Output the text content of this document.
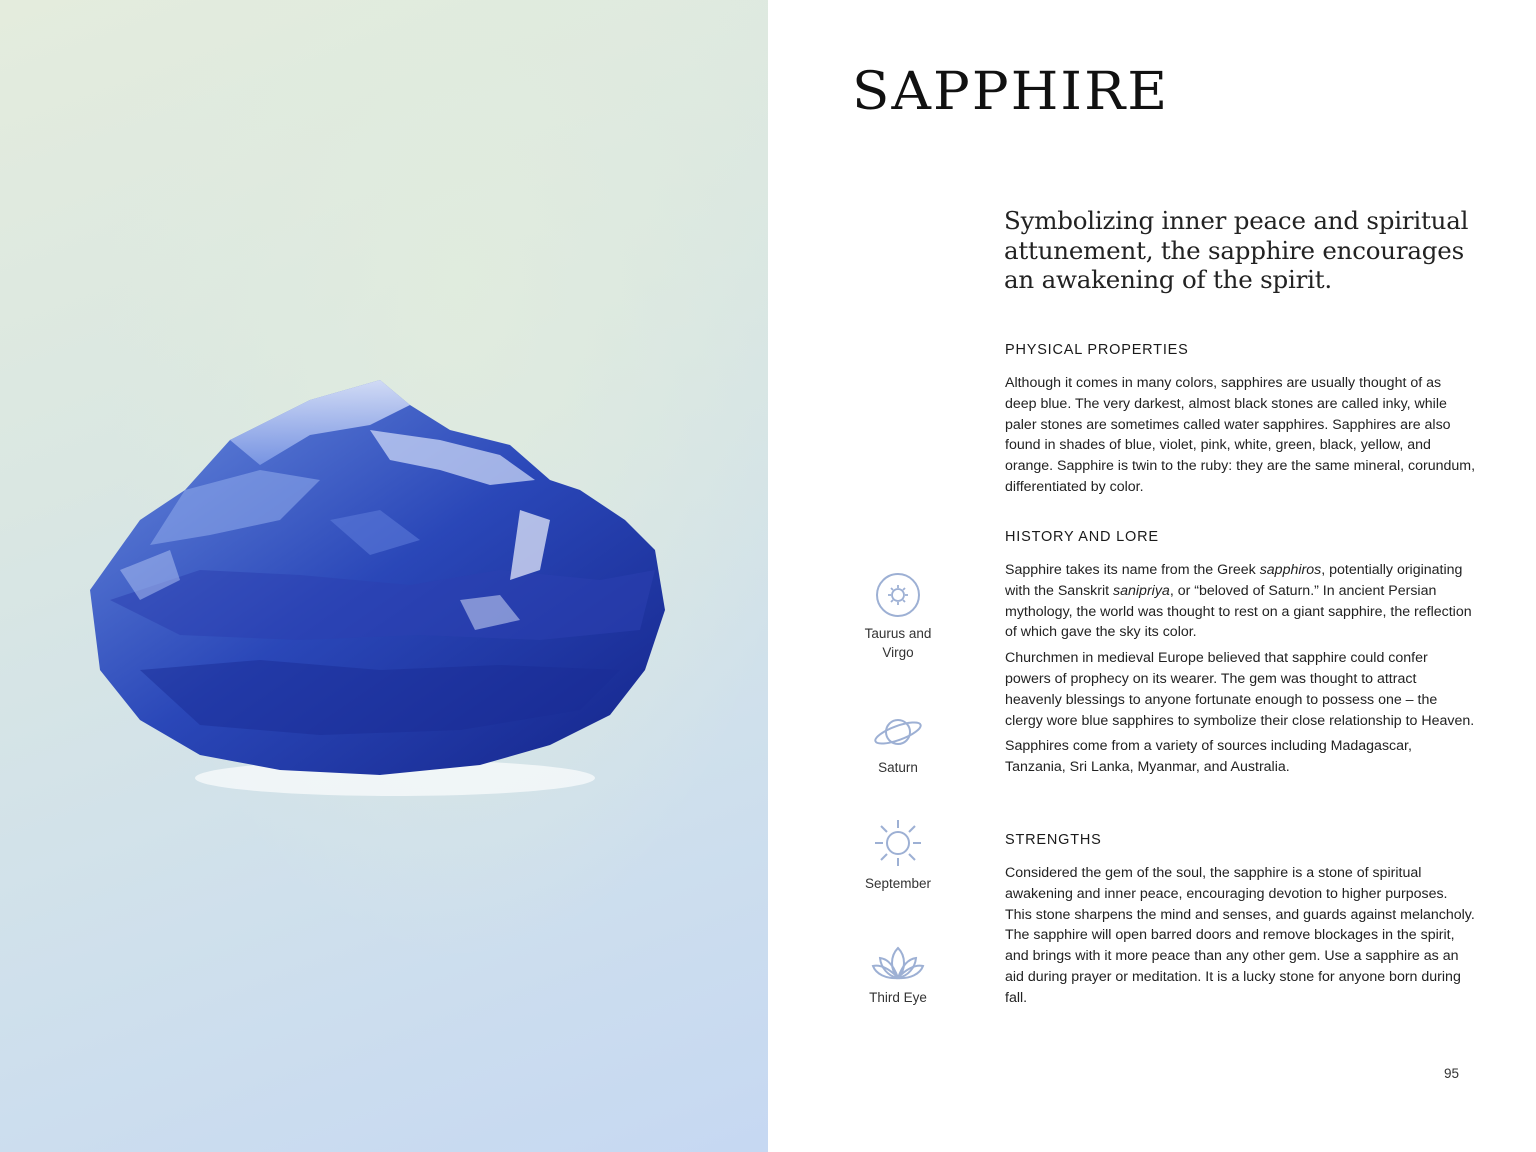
SAPPHIRE
Symbolizing inner peace and spiritual attunement, the sapphire encourages an awakening of the spirit.
PHYSICAL PROPERTIES

Although it comes in many colors, sapphires are usually thought of as deep blue. The very darkest, almost black stones are called inky, while paler stones are sometimes called water sapphires. Sapphires are also found in shades of blue, violet, pink, white, green, black, yellow, and orange. Sapphire is twin to the ruby: they are the same mineral, corundum, differentiated by color.

HISTORY AND LORE

Sapphire takes its name from the Greek sapphiros, potentially originating with the Sanskrit sanipriya, or “beloved of Saturn.” In ancient Persian mythology, the world was thought to rest on a giant sapphire, the reflection of which gave the sky its color.

Churchmen in medieval Europe believed that sapphire could confer powers of prophecy on its wearer. The gem was thought to attract heavenly blessings to anyone fortunate enough to possess one – the clergy wore blue sapphires to symbolize their close relationship to Heaven.

Sapphires come from a variety of sources including Madagascar, Tanzania, Sri Lanka, Myanmar, and Australia.

STRENGTHS

Considered the gem of the soul, the sapphire is a stone of spiritual awakening and inner peace, encouraging devotion to higher purposes. This stone sharpens the mind and senses, and guards against melancholy. The sapphire will open barred doors and remove blockages in the spirit, and brings with it more peace than any other gem. Use a sapphire as an aid during prayer or meditation. It is a lucky stone for anyone born during fall.

Taurus and
Virgo
Saturn
September
Third Eye
95
